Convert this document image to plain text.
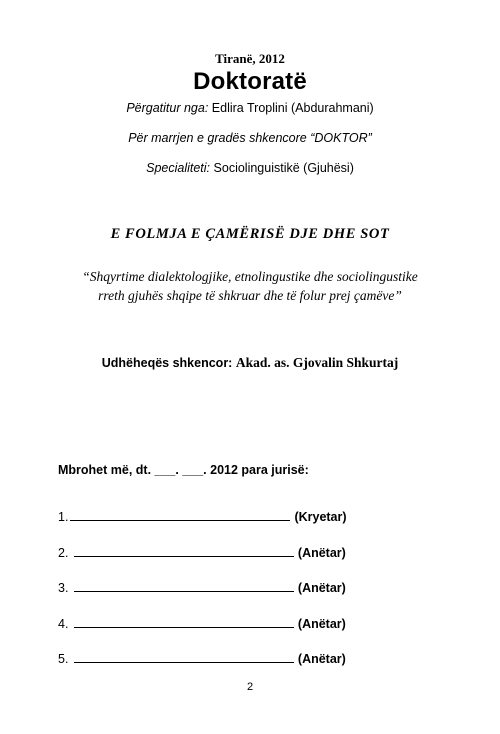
Tiranë, 2012
Doktoratë
Përgatitur nga: Edlira Troplini (Abdurahmani)
Për marrjen e gradës shkencore “DOKTOR”
Specialiteti: Sociolinguistikë (Gjuhësi)
E FOLMJA E ÇAMËRISË DJE DHE SOT
“Shqyrtime dialektologjike, etnolingustike dhe sociolingustike
rreth gjuhës shqipe të shkruar dhe të folur prej çamëve”
Udhëheqës shkencor: Akad. as. Gjovalin Shkurtaj
Mbrohet më, dt. ___. ___. 2012 para jurisë:
1.	(Kryetar)
2.	(Anëtar)
3.	(Anëtar)
4.	(Anëtar)
5.	(Anëtar)
2
